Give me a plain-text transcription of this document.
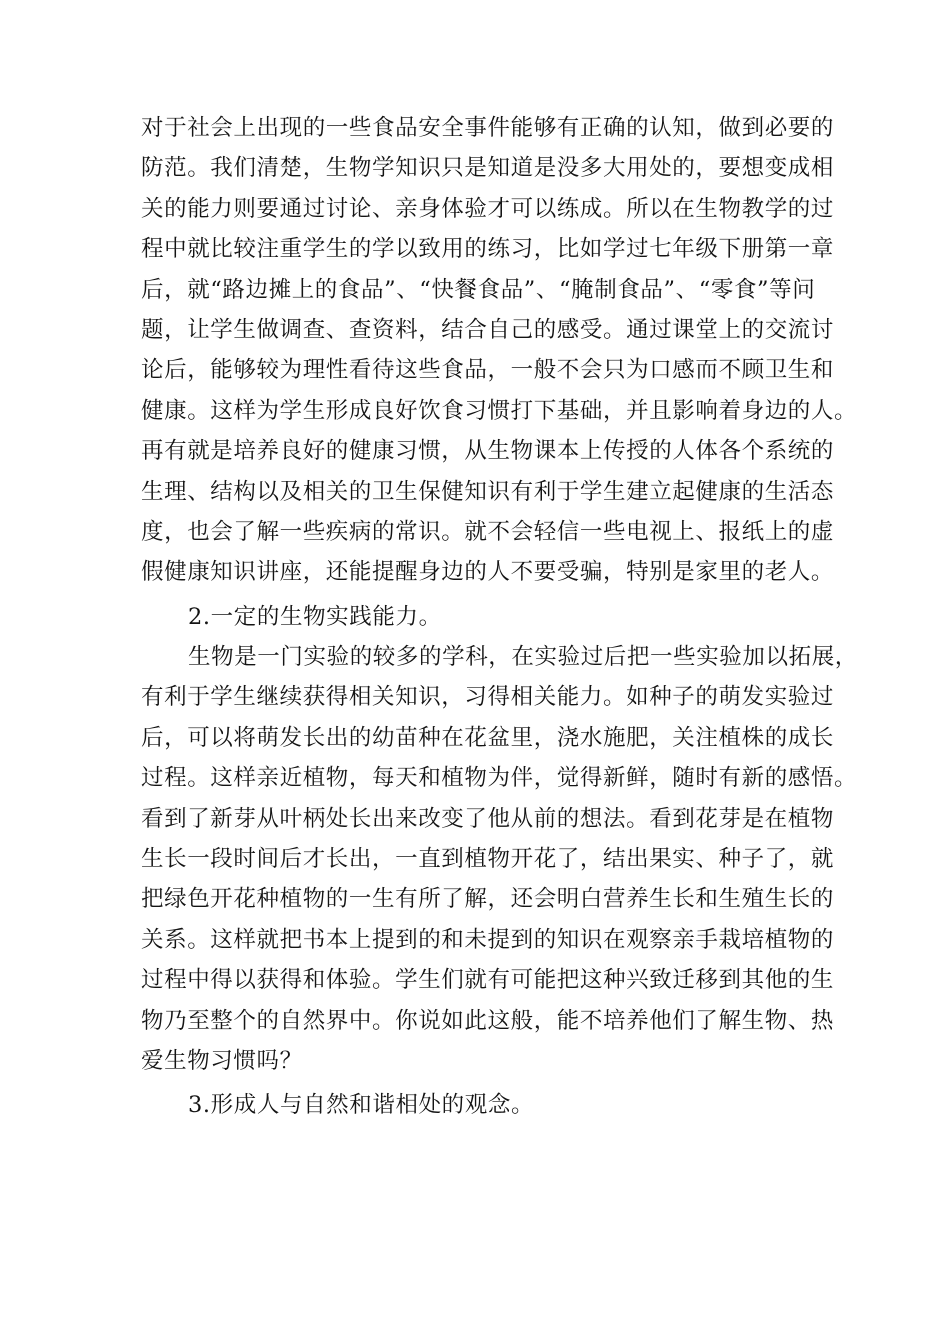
对于社会上出现的一些食品安全事件能够有正确的认知，做到必要的
防范。我们清楚，生物学知识只是知道是没多大用处的，要想变成相
关的能力则要通过讨论、亲身体验才可以练成。所以在生物教学的过
程中就比较注重学生的学以致用的练习，比如学过七年级下册第一章
后，就“路边摊上的食品”、“快餐食品”、“腌制食品”、“零食”等问
题，让学生做调查、查资料，结合自己的感受。通过课堂上的交流讨
论后，能够较为理性看待这些食品，一般不会只为口感而不顾卫生和
健康。这样为学生形成良好饮食习惯打下基础，并且影响着身边的人。
再有就是培养良好的健康习惯，从生物课本上传授的人体各个系统的
生理、结构以及相关的卫生保健知识有利于学生建立起健康的生活态
度，也会了解一些疾病的常识。就不会轻信一些电视上、报纸上的虚
假健康知识讲座，还能提醒身边的人不要受骗，特别是家里的老人。
2.一定的生物实践能力。
生物是一门实验的较多的学科，在实验过后把一些实验加以拓展，
有利于学生继续获得相关知识，习得相关能力。如种子的萌发实验过
后，可以将萌发长出的幼苗种在花盆里，浇水施肥，关注植株的成长
过程。这样亲近植物，每天和植物为伴，觉得新鲜，随时有新的感悟。
看到了新芽从叶柄处长出来改变了他从前的想法。看到花芽是在植物
生长一段时间后才长出，一直到植物开花了，结出果实、种子了，就
把绿色开花种植物的一生有所了解，还会明白营养生长和生殖生长的
关系。这样就把书本上提到的和未提到的知识在观察亲手栽培植物的
过程中得以获得和体验。学生们就有可能把这种兴致迁移到其他的生
物乃至整个的自然界中。你说如此这般，能不培养他们了解生物、热
爱生物习惯吗？
3.形成人与自然和谐相处的观念。
